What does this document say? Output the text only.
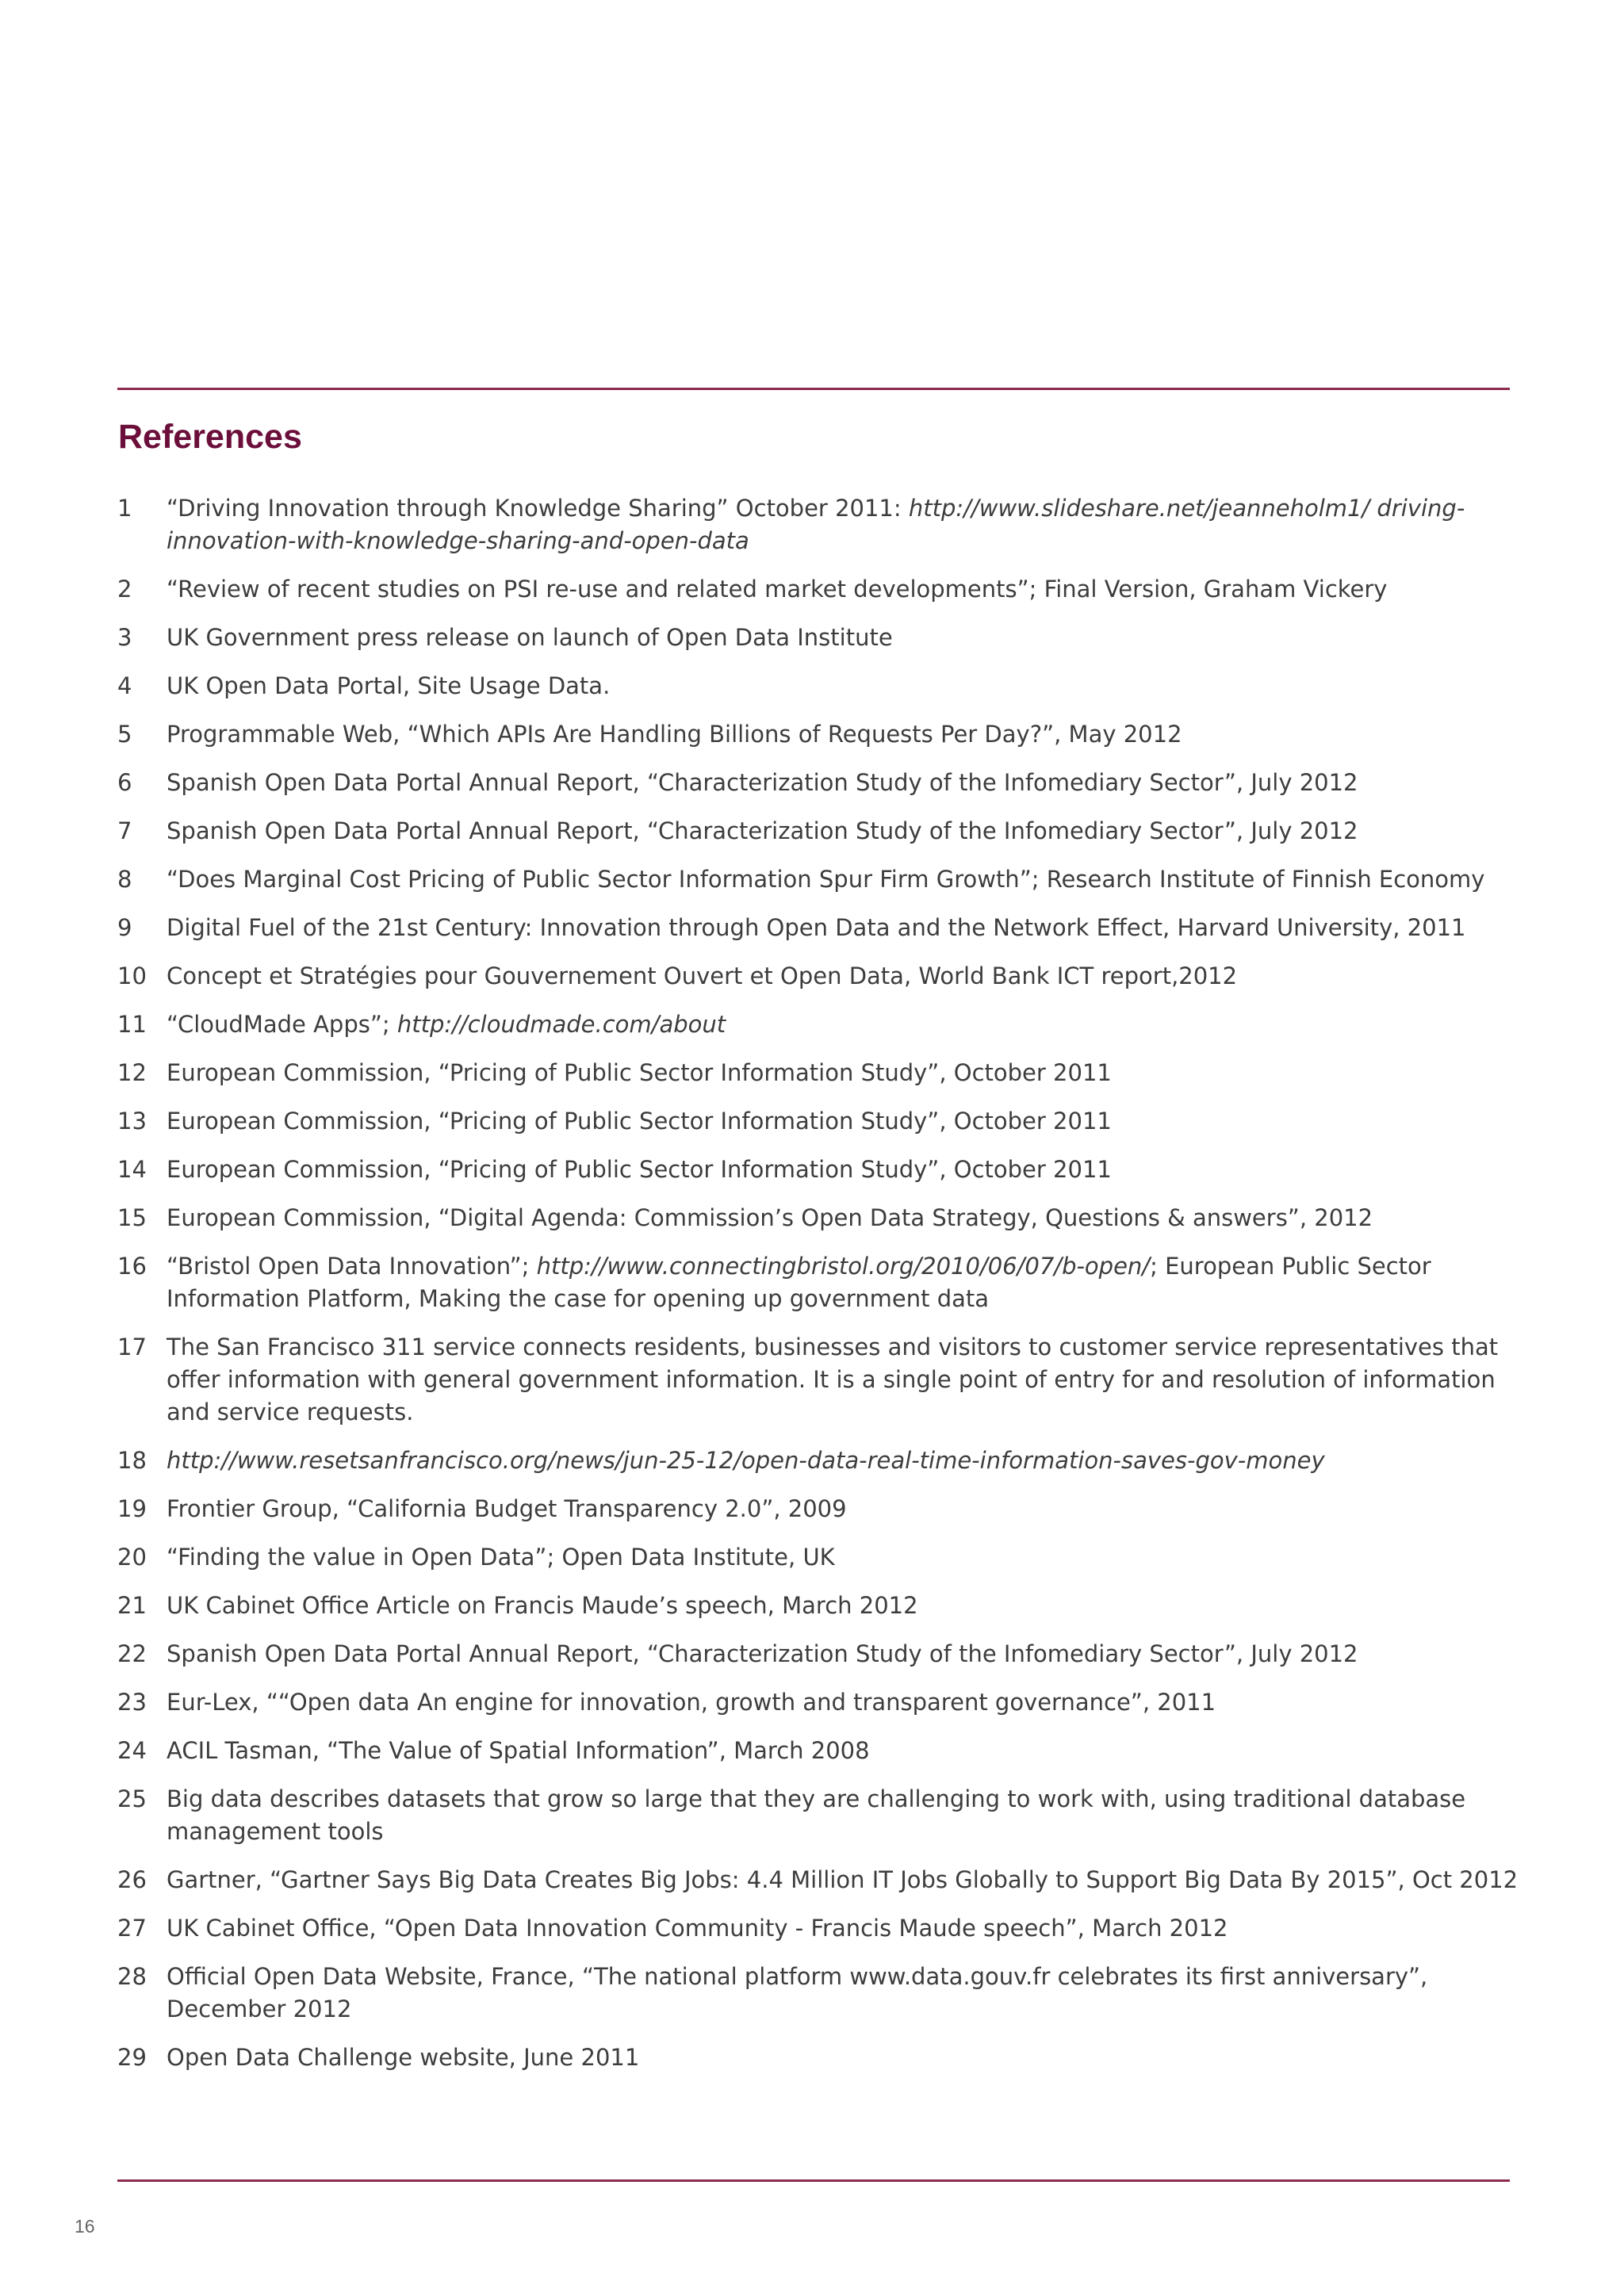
References
1	“Driving Innovation through Knowledge Sharing” October 2011: http://www.slideshare.net/jeanneholm1/ driving-innovation-with-knowledge-sharing-and-open-data
2	“Review of recent studies on PSI re-use and related market developments”; Final Version, Graham Vickery
3	UK Government press release on launch of Open Data Institute
4	UK Open Data Portal, Site Usage Data.
5	Programmable Web, “Which APIs Are Handling Billions of Requests Per Day?”, May 2012
6	Spanish Open Data Portal Annual Report, “Characterization Study of the Infomediary Sector”, July 2012
7	Spanish Open Data Portal Annual Report, “Characterization Study of the Infomediary Sector”, July 2012
8	“Does Marginal Cost Pricing of Public Sector Information Spur Firm Growth”; Research Institute of Finnish Economy
9	Digital Fuel of the 21st Century: Innovation through Open Data and the Network Effect, Harvard University, 2011
10 Concept et Stratégies pour Gouvernement Ouvert et Open Data, World Bank ICT report,2012
11 “CloudMade Apps”; http://cloudmade.com/about
12 European Commission, “Pricing of Public Sector Information Study”, October 2011
13 European Commission, “Pricing of Public Sector Information Study”, October 2011
14 European Commission, “Pricing of Public Sector Information Study”, October 2011
15 European Commission, “Digital Agenda: Commission’s Open Data Strategy, Questions & answers”, 2012
16 “Bristol Open Data Innovation”; http://www.connectingbristol.org/2010/06/07/b-open/; European Public Sector Information Platform, Making the case for opening up government data
17 The San Francisco 311 service connects residents, businesses and visitors to customer service representatives that offer information with general government information. It is a single point of entry for and resolution of information and service requests.
18 http://www.resetsanfrancisco.org/news/jun-25-12/open-data-real-time-information-saves-gov-money
19 Frontier Group, “California Budget Transparency 2.0”, 2009
20 “Finding the value in Open Data”; Open Data Institute, UK
21 UK Cabinet Office Article on Francis Maude’s speech, March 2012
22 Spanish Open Data Portal Annual Report, “Characterization Study of the Infomediary Sector”, July 2012
23 Eur-Lex, ““Open data An engine for innovation, growth and transparent governance”, 2011
24 ACIL Tasman, “The Value of Spatial Information”, March 2008
25 Big data describes datasets that grow so large that they are challenging to work with, using traditional database management tools
26 Gartner, “Gartner Says Big Data Creates Big Jobs: 4.4 Million IT Jobs Globally to Support Big Data By 2015”, Oct 2012
27 UK Cabinet Office, “Open Data Innovation Community - Francis Maude speech”, March 2012
28 Official Open Data Website, France, “The national platform www.data.gouv.fr celebrates its first anniversary”, December 2012
29 Open Data Challenge website, June 2011
16
